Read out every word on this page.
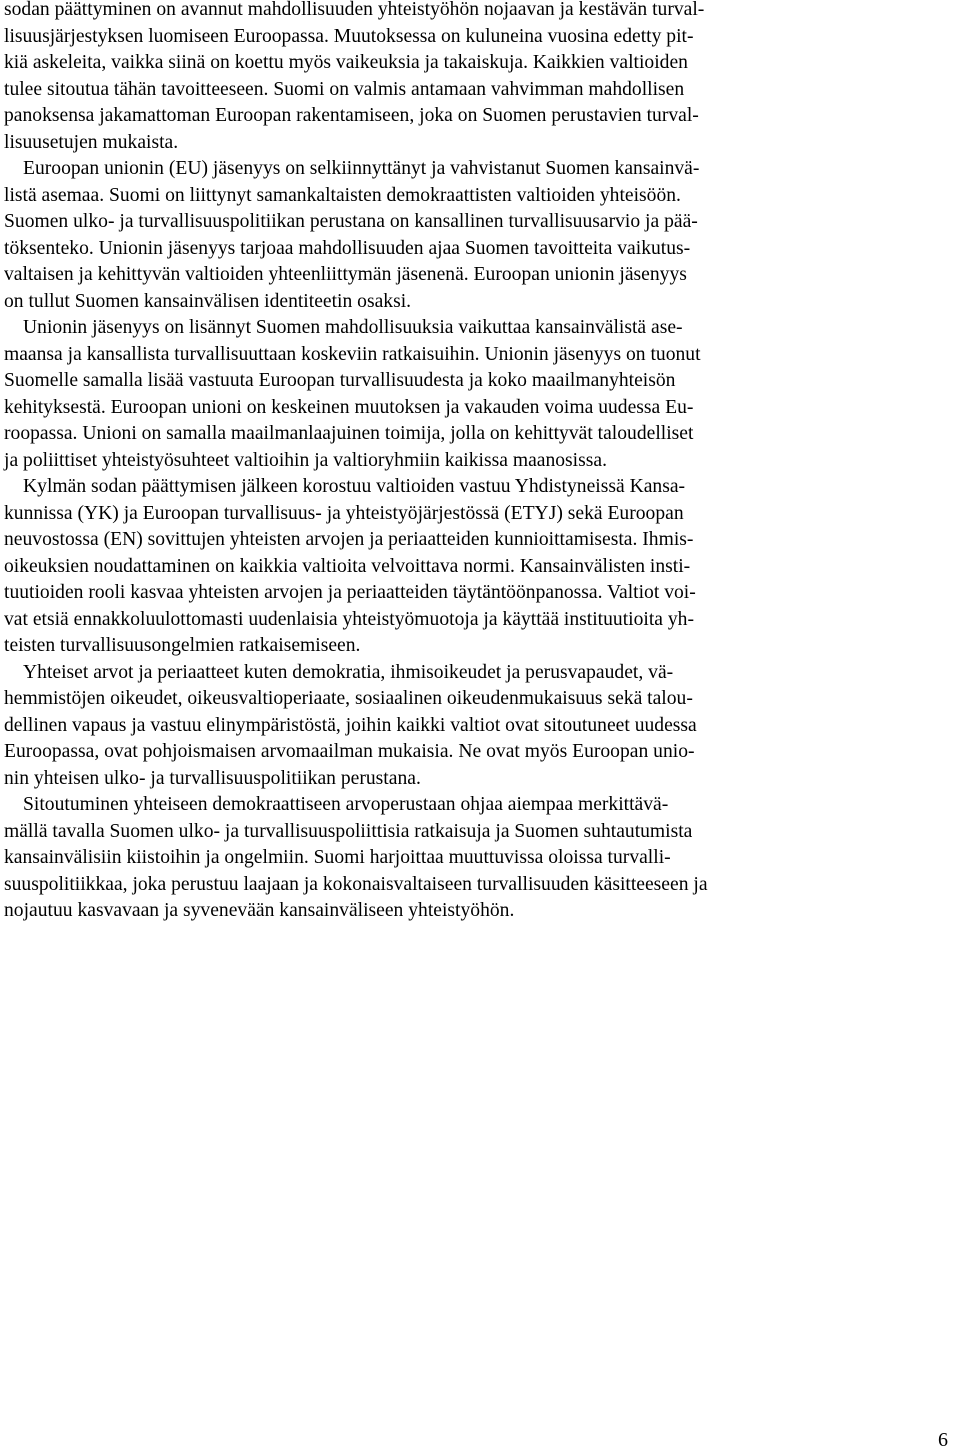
sodan päättyminen on avannut mahdollisuuden yhteistyöhön nojaavan ja kestävän turval-
lisuusjärjestyksen luomiseen Euroopassa. Muutoksessa on kuluneina vuosina edetty pit-
kiä askeleita, vaikka siinä on koettu myös vaikeuksia ja takaiskuja. Kaikkien valtioiden
tulee sitoutua tähän tavoitteeseen. Suomi on valmis antamaan vahvimman mahdollisen
panoksensa jakamattoman Euroopan rakentamiseen, joka on Suomen perustavien turval-
lisuusetujen mukaista.
Euroopan unionin (EU) jäsenyys on selkiinnyttänyt ja vahvistanut Suomen kansainvä-
listä asemaa. Suomi on liittynyt samankaltaisten demokraattisten valtioiden yhteisöön.
Suomen ulko- ja turvallisuuspolitiikan perustana on kansallinen turvallisuusarvio ja pää-
töksenteko. Unionin jäsenyys tarjoaa mahdollisuuden ajaa Suomen tavoitteita vaikutus-
valtaisen ja kehittyvän valtioiden yhteenliittymän jäsenenä. Euroopan unionin jäsenyys
on tullut Suomen kansainvälisen identiteetin osaksi.
Unionin jäsenyys on lisännyt Suomen mahdollisuuksia vaikuttaa kansainvälistä ase-
maansa ja kansallista turvallisuuttaan koskeviin ratkaisuihin. Unionin jäsenyys on tuonut
Suomelle samalla lisää vastuuta Euroopan turvallisuudesta ja koko maailmanyhteisön
kehityksestä. Euroopan unioni on keskeinen muutoksen ja vakauden voima uudessa Eu-
roopassa. Unioni on samalla maailmanlaajuinen toimija, jolla on kehittyvät taloudelliset
ja poliittiset yhteistyösuhteet valtioihin ja valtioryhmiin kaikissa maanosissa.
Kylmän sodan päättymisen jälkeen korostuu valtioiden vastuu Yhdistyneissä Kansa-
kunnissa (YK) ja Euroopan turvallisuus- ja yhteistyöjärjestössä (ETYJ) sekä Euroopan
neuvostossa (EN) sovittujen yhteisten arvojen ja periaatteiden kunnioittamisesta. Ihmis-
oikeuksien noudattaminen on kaikkia valtioita velvoittava normi. Kansainvälisten insti-
tuutioiden rooli kasvaa yhteisten arvojen ja periaatteiden täytäntöönpanossa. Valtiot voi-
vat etsiä ennakkoluulottomasti uudenlaisia yhteistyömuotoja ja käyttää instituutioita yh-
teisten turvallisuusongelmien ratkaisemiseen.
Yhteiset arvot ja periaatteet kuten demokratia, ihmisoikeudet ja perusvapaudet, vä-
hemmistöjen oikeudet, oikeusvaltioperiaate, sosiaalinen oikeudenmukaisuus sekä talou-
dellinen vapaus ja vastuu elinympäristöstä, joihin kaikki valtiot ovat sitoutuneet uudessa
Euroopassa, ovat pohjoismaisen arvomaailman mukaisia. Ne ovat myös Euroopan unio-
nin yhteisen ulko- ja turvallisuuspolitiikan perustana.
Sitoutuminen yhteiseen demokraattiseen arvoperustaan ohjaa aiempaa merkittävä-
mällä tavalla Suomen ulko- ja turvallisuuspoliittisia ratkaisuja ja Suomen suhtautumista
kansainvälisiin kiistoihin ja ongelmiin. Suomi harjoittaa muuttuvissa oloissa turvalli-
suuspolitiikkaa, joka perustuu laajaan ja kokonaisvaltaiseen turvallisuuden käsitteeseen ja
nojautuu kasvavaan ja syvenevään kansainväliseen yhteistyöhön.
6
